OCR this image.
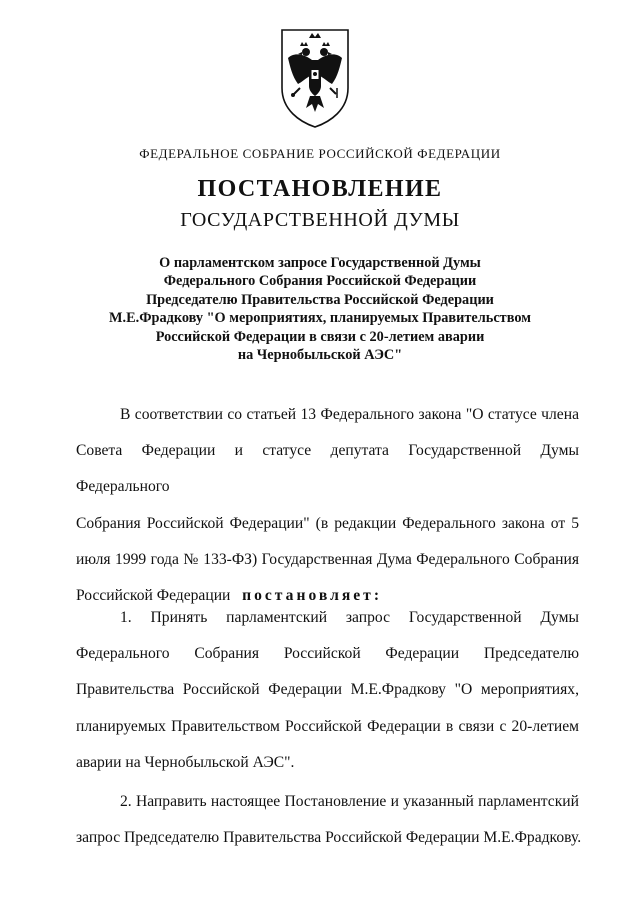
ФЕДЕРАЛЬНОЕ СОБРАНИЕ РОССИЙСКОЙ ФЕДЕРАЦИИ
ПОСТАНОВЛЕНИЕ
ГОСУДАРСТВЕННОЙ ДУМЫ
О парламентском запросе Государственной Думы
Федерального Собрания Российской Федерации
Председателю Правительства Российской Федерации
М.Е.Фрадкову "О мероприятиях, планируемых Правительством
Российской Федерации в связи с 20-летием аварии
на Чернобыльской АЭС"
В соответствии со статьей 13 Федерального закона "О статусе члена
Совета Федерации и статусе депутата Государственной Думы Федерального
Собрания Российской Федерации" (в редакции Федерального закона от 5
июля 1999 года № 133-ФЗ) Государственная Дума Федерального Собрания
Российской Федерации постановляет:
1. Принять парламентский запрос Государственной Думы
Федерального Собрания Российской Федерации Председателю
Правительства Российской Федерации М.Е.Фрадкову "О мероприятиях,
планируемых Правительством Российской Федерации в связи с 20-летием
аварии на Чернобыльской АЭС".
2. Направить настоящее Постановление и указанный парламентский
запрос Председателю Правительства Российской Федерации М.Е.Фрадкову.
